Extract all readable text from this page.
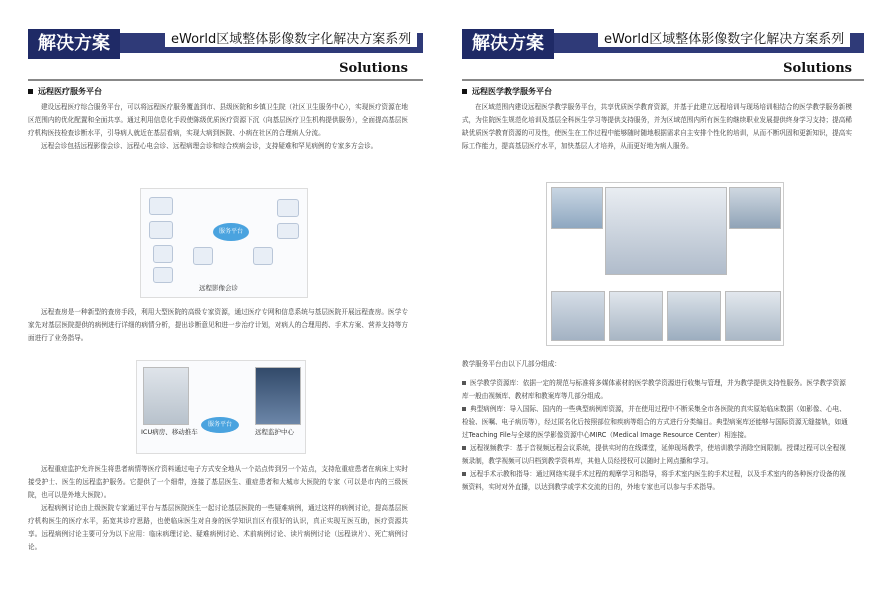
解决方案	eWorld区域整体影像数字化解决方案系列
Solutions
远程医疗服务平台

建设远程医疗综合服务平台，可以将远程医疗服务覆盖到市、县级医院和乡镇卫生院（社区卫生服务中心），实现医疗资源在地区范围内的优化配置和全面共享。通过利用信息化手段使陈级优质医疗资源下沉（向基层医疗卫生机构提供服务），全面提高基层医疗机构医技检查诊断水平，引导病人就近在基层看病，实现大病到医院、小病在社区的合理病人分流。

远程会诊包括远程影像会诊、远程心电会诊、远程病理会诊和综合疾病会诊，支持疑难和罕见病例的专家多方会诊。

服务平台
远程影像会诊

远程查房是一种新型的查房手段，利用大型医院的高级专家资源，通过医疗专网和信息系统与基层医院开展远程查房。医学专家先对基层医院提供的病例进行详细的病情分析，提出诊断意见和进一步治疗计划，对病人的合理用药、手术方案、营养支持等方面进行了业务指导。

服务平台
ICU病房、移动推车	远程监护中心

远程重症监护允许医生将患者病情等医疗资料通过电子方式安全地从一个站点传到另一个站点，支持危重症患者在病床上实时接受护士、医生的远程监护服务。它提供了一个细带，连接了基层医生、重症患者和大城市大医院的专家（可以是市内的三级医院，也可以是外地大医院）。

远程病例讨论由上级医院专家通过平台与基层医院医生一起讨论基层医院的一些疑难病例，通过这样的病例讨论，提高基层医疗机构医生的医疗水平，拓宽其诊疗思路，也使临床医生对自身的医学知识盲区有很好的认识，真正实现互医互助，医疗资源共享。远程病例讨论主要可分为以下应用：临床病理讨论、疑难病例讨论、术前病例讨论、读片病例讨论（远程读片）、死亡病例讨论。

解决方案	eWorld区域整体影像数字化解决方案系列
Solutions
远程医学教学服务平台

在区域范围内建设远程医学教学服务平台，共享优质医学教育资源，并基于此建立远程培训与现场培训相结合的医学教学服务新模式，为住院医生规范化培训及基层全科医生学习等提供支持服务，并为区域范围内所有医生的继续职业发展提供终身学习支持；提高稀缺优质医学教育资源的可及性，使医生在工作过程中能够随时随地根据需求自主安排个性化的培训，从而不断巩固和更新知识，提高实际工作能力，提高基层医疗水平，加快基层人才培养，从而更好地为病人服务。

教学服务平台由以下几部分组成：

医学教学资源库：依据一定的规范与标准将多媒体素材的医学教学资源进行收集与管理，并为教学提供支持性服务。医学教学资源库一般由视频库、教材库和教案库等几部分组成。

典型病例库：导入国际、国内的一些典型病例库资源，并在使用过程中不断采集全市各医院的真实原始临床数据（如影像、心电、检验、医嘱、电子病历等），经过匿名化后按照部位和疾病等组合的方式进行分类编目。典型病案库还能够与国际资源无缝接轨，如通过Teaching File与全球的医学影像资源中心MIRC（Medical Image Resource Center）相连接。

远程视频教学：基于音视频远程会议系统，提供实时的在线课堂，延伸现场教学，使培训教学消除空间限制。授课过程可以全程视频录制，教学视频可以归档到教学资料库，其他人员经授权可以随时上网点播和学习。

远程手术示教和指导：通过网络实现手术过程的观摩学习和指导，将手术室内医生的手术过程，以及手术室内的各种医疗设备的视频资料，实时对外直播，以达到教学或学术交流的目的，外地专家也可以参与手术指导。
